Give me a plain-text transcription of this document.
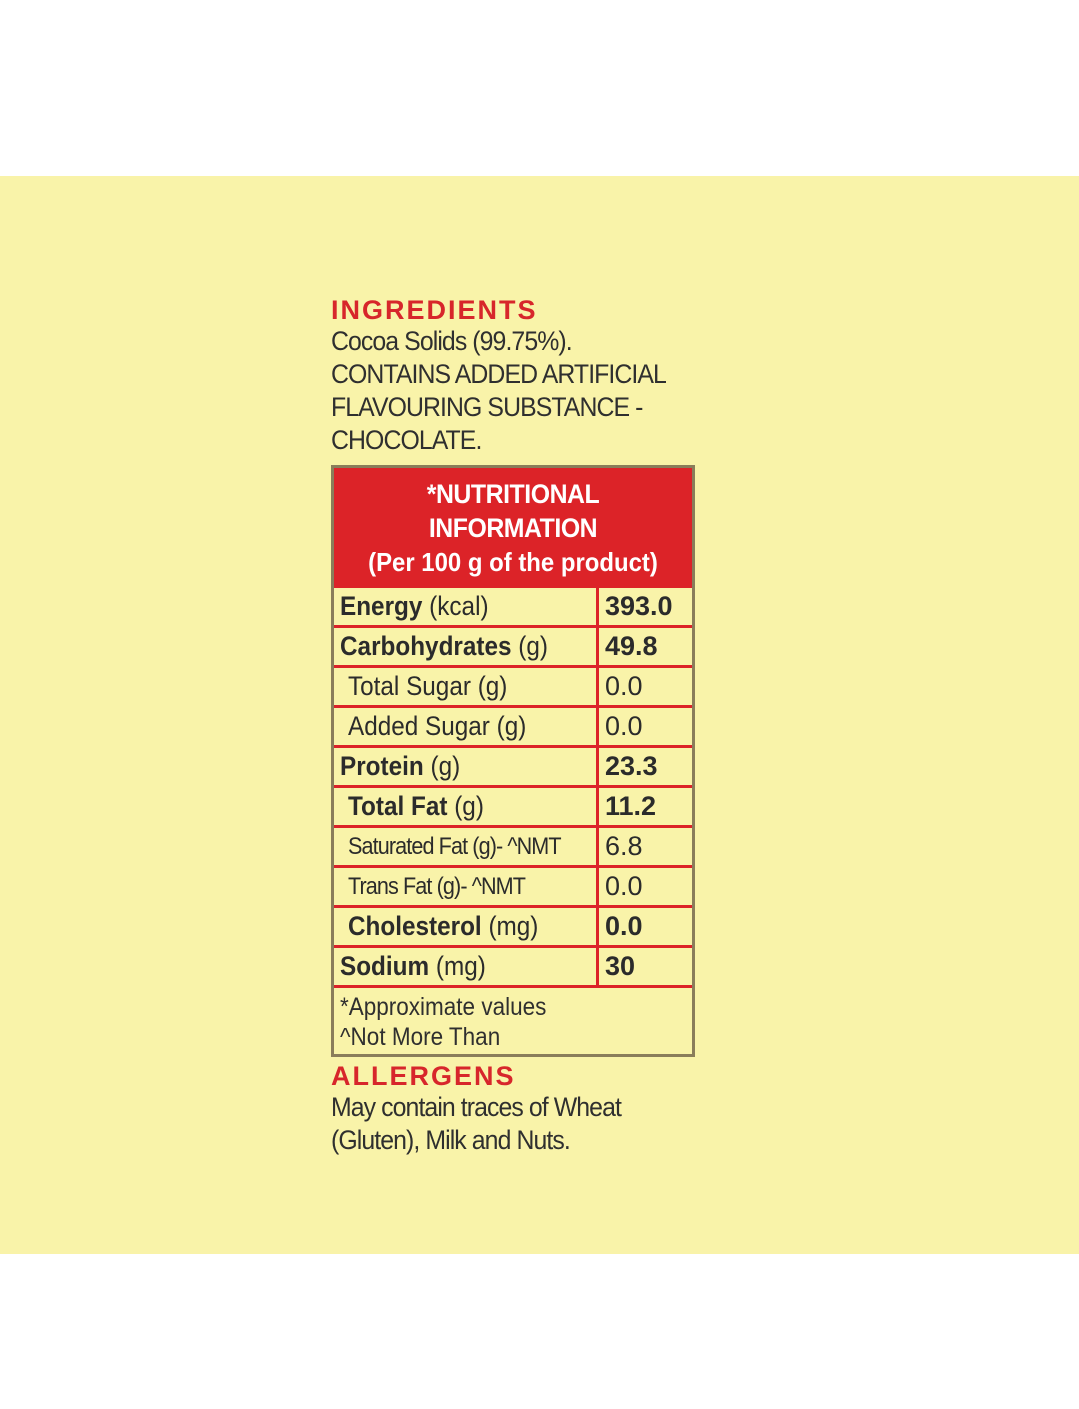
INGREDIENTS
Cocoa Solids (99.75%).
CONTAINS ADDED ARTIFICIAL
FLAVOURING SUBSTANCE -
CHOCOLATE.
*NUTRITIONAL INFORMATION
(Per 100 g of the product)
Energy (kcal)	393.0
Carbohydrates (g)	49.8
Total Sugar (g)	0.0
Added Sugar (g)	0.0
Protein (g)	23.3
Total Fat (g)	11.2
Saturated Fat (g)- ^NMT	6.8
Trans Fat (g)- ^NMT	0.0
Cholesterol (mg)	0.0
Sodium (mg)	30
*Approximate values
^Not More Than
ALLERGENS
May contain traces of Wheat
(Gluten), Milk and Nuts.
